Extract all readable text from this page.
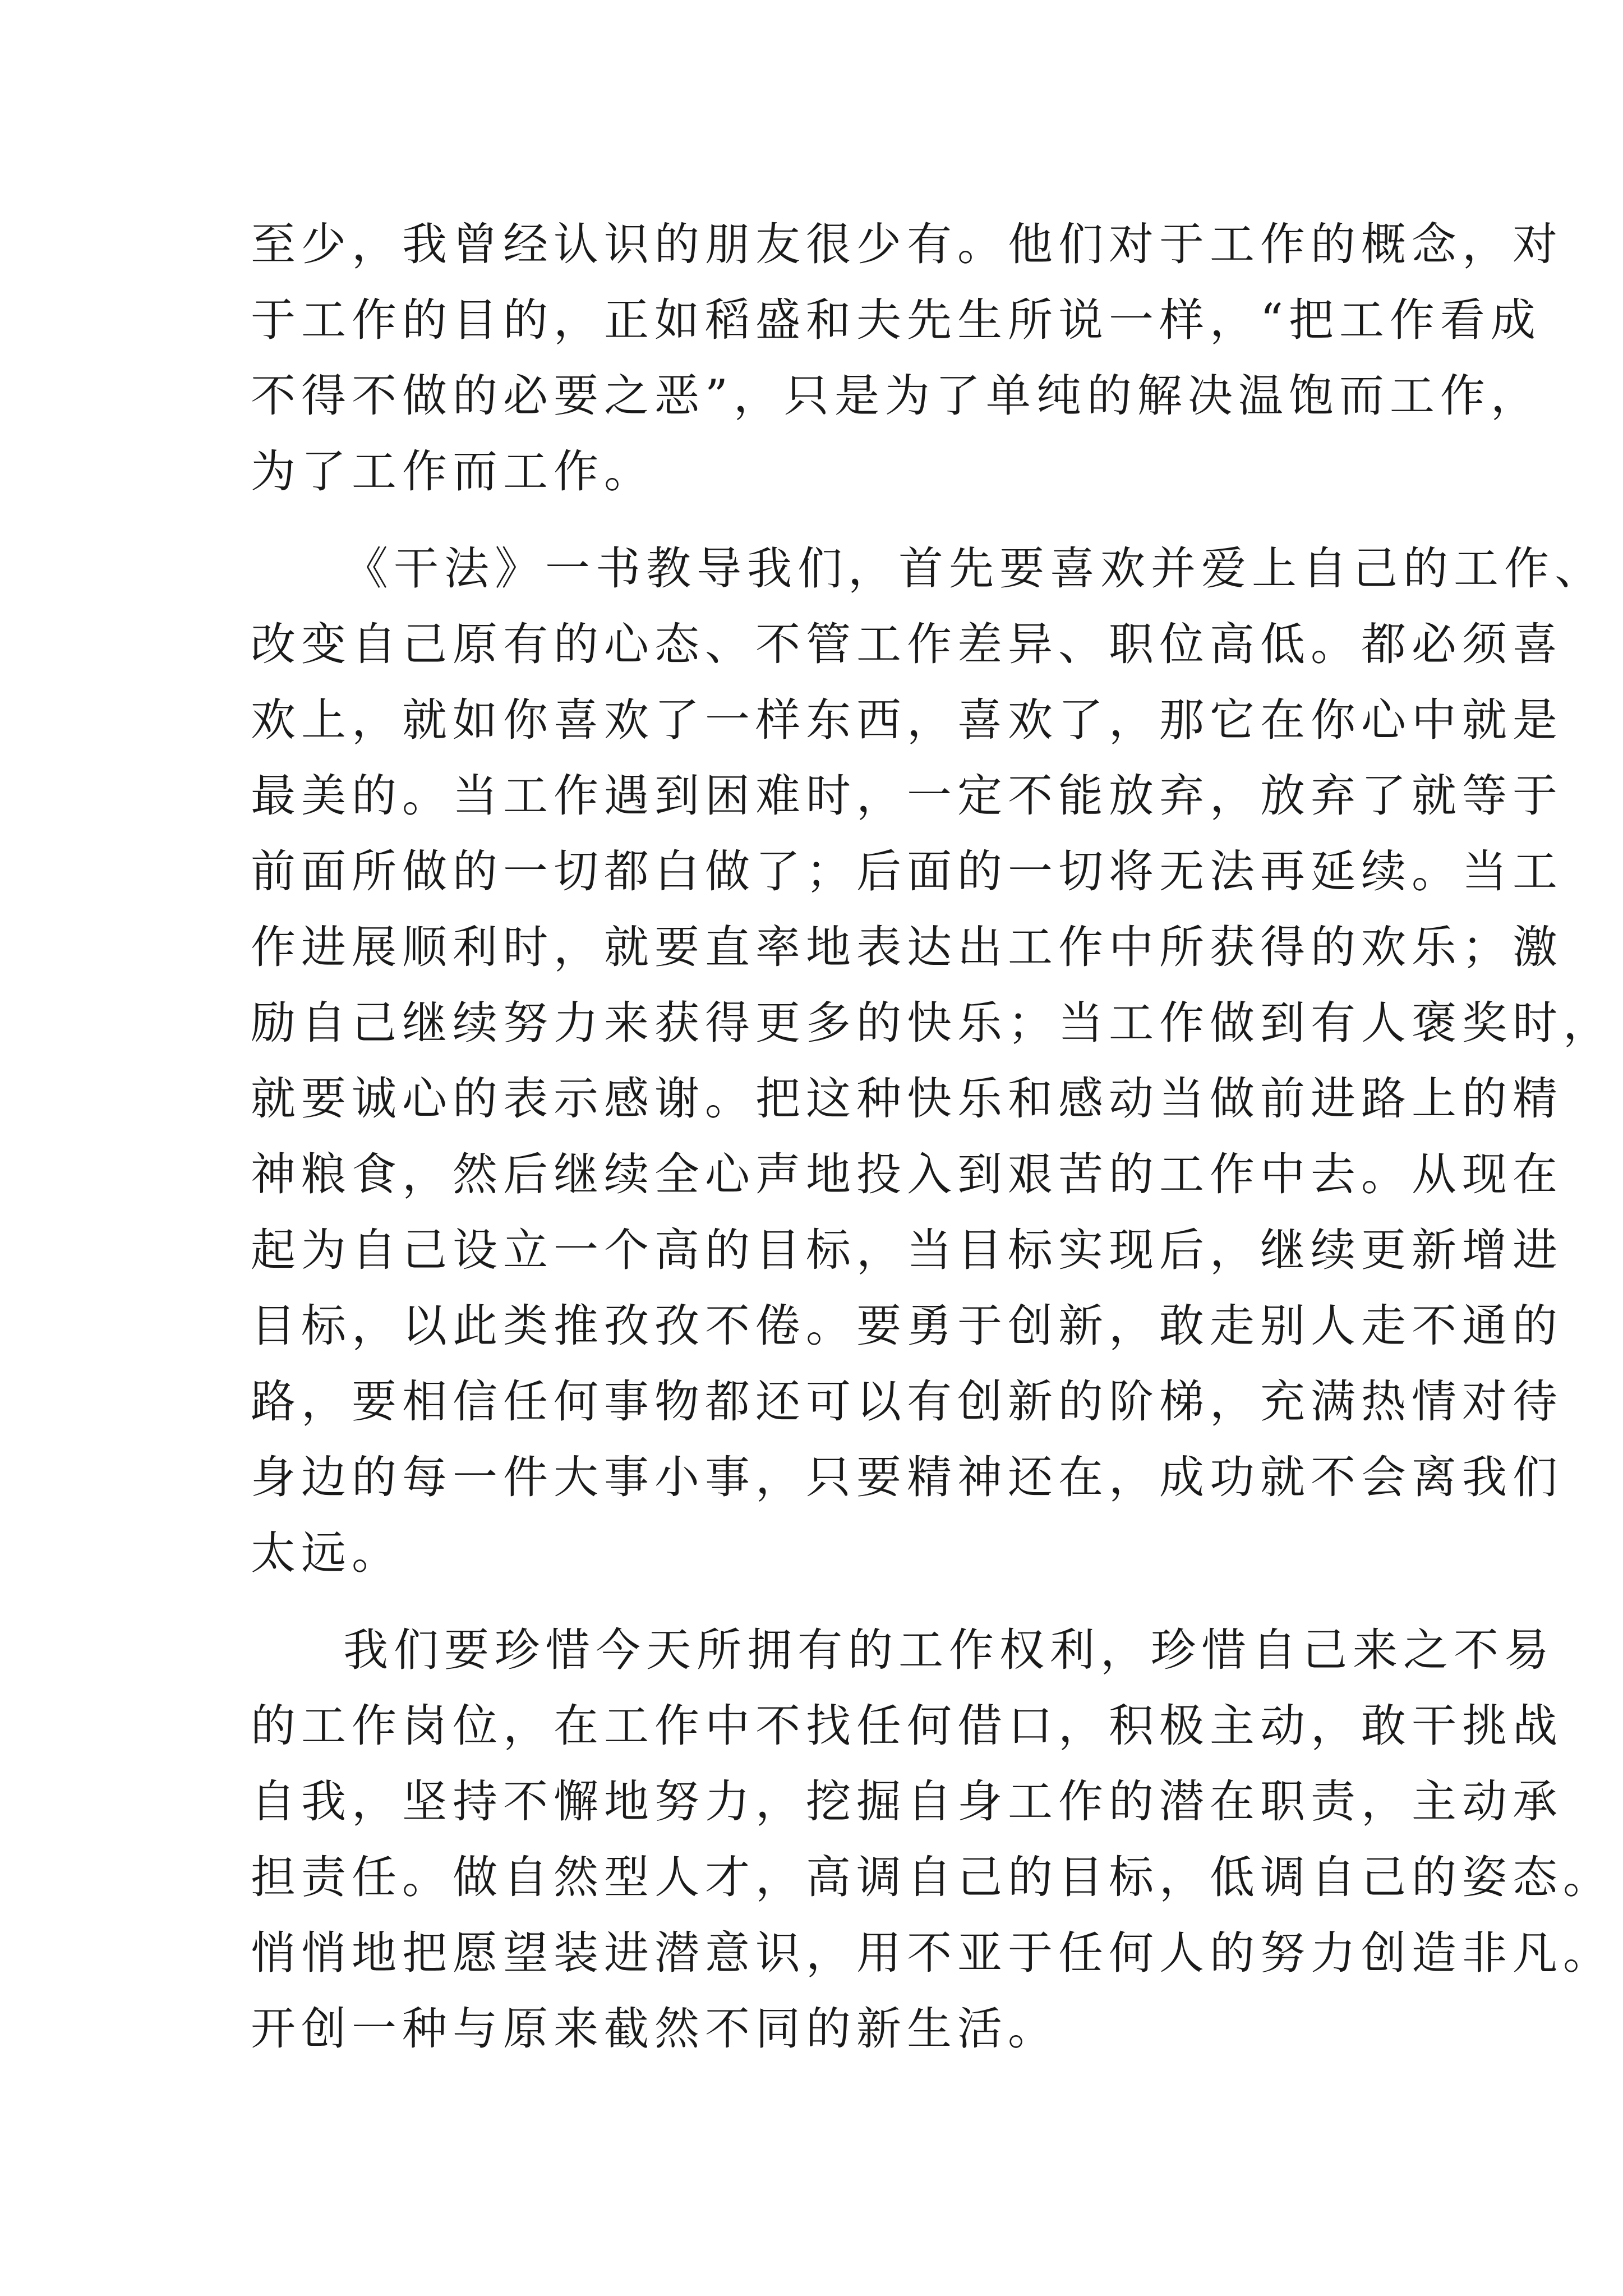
至少，我曾经认识的朋友很少有。他们对于工作的概念，对
于工作的目的，正如稻盛和夫先生所说一样，“把工作看成
不得不做的必要之恶”，只是为了单纯的解决温饱而工作，
为了工作而工作。
《干法》一书教导我们，首先要喜欢并爱上自己的工作、
改变自己原有的心态、不管工作差异、职位高低。都必须喜
欢上，就如你喜欢了一样东西，喜欢了，那它在你心中就是
最美的。当工作遇到困难时，一定不能放弃，放弃了就等于
前面所做的一切都白做了；后面的一切将无法再延续。当工
作进展顺利时，就要直率地表达出工作中所获得的欢乐；激
励自己继续努力来获得更多的快乐；当工作做到有人褒奖时，
就要诚心的表示感谢。把这种快乐和感动当做前进路上的精
神粮食，然后继续全心声地投入到艰苦的工作中去。从现在
起为自己设立一个高的目标，当目标实现后，继续更新增进
目标，以此类推孜孜不倦。要勇于创新，敢走别人走不通的
路，要相信任何事物都还可以有创新的阶梯，充满热情对待
身边的每一件大事小事，只要精神还在，成功就不会离我们
太远。
我们要珍惜今天所拥有的工作权利，珍惜自己来之不易
的工作岗位，在工作中不找任何借口，积极主动，敢干挑战
自我，坚持不懈地努力，挖掘自身工作的潜在职责，主动承
担责任。做自然型人才，高调自己的目标，低调自己的姿态。
悄悄地把愿望装进潜意识，用不亚于任何人的努力创造非凡。
开创一种与原来截然不同的新生活。
